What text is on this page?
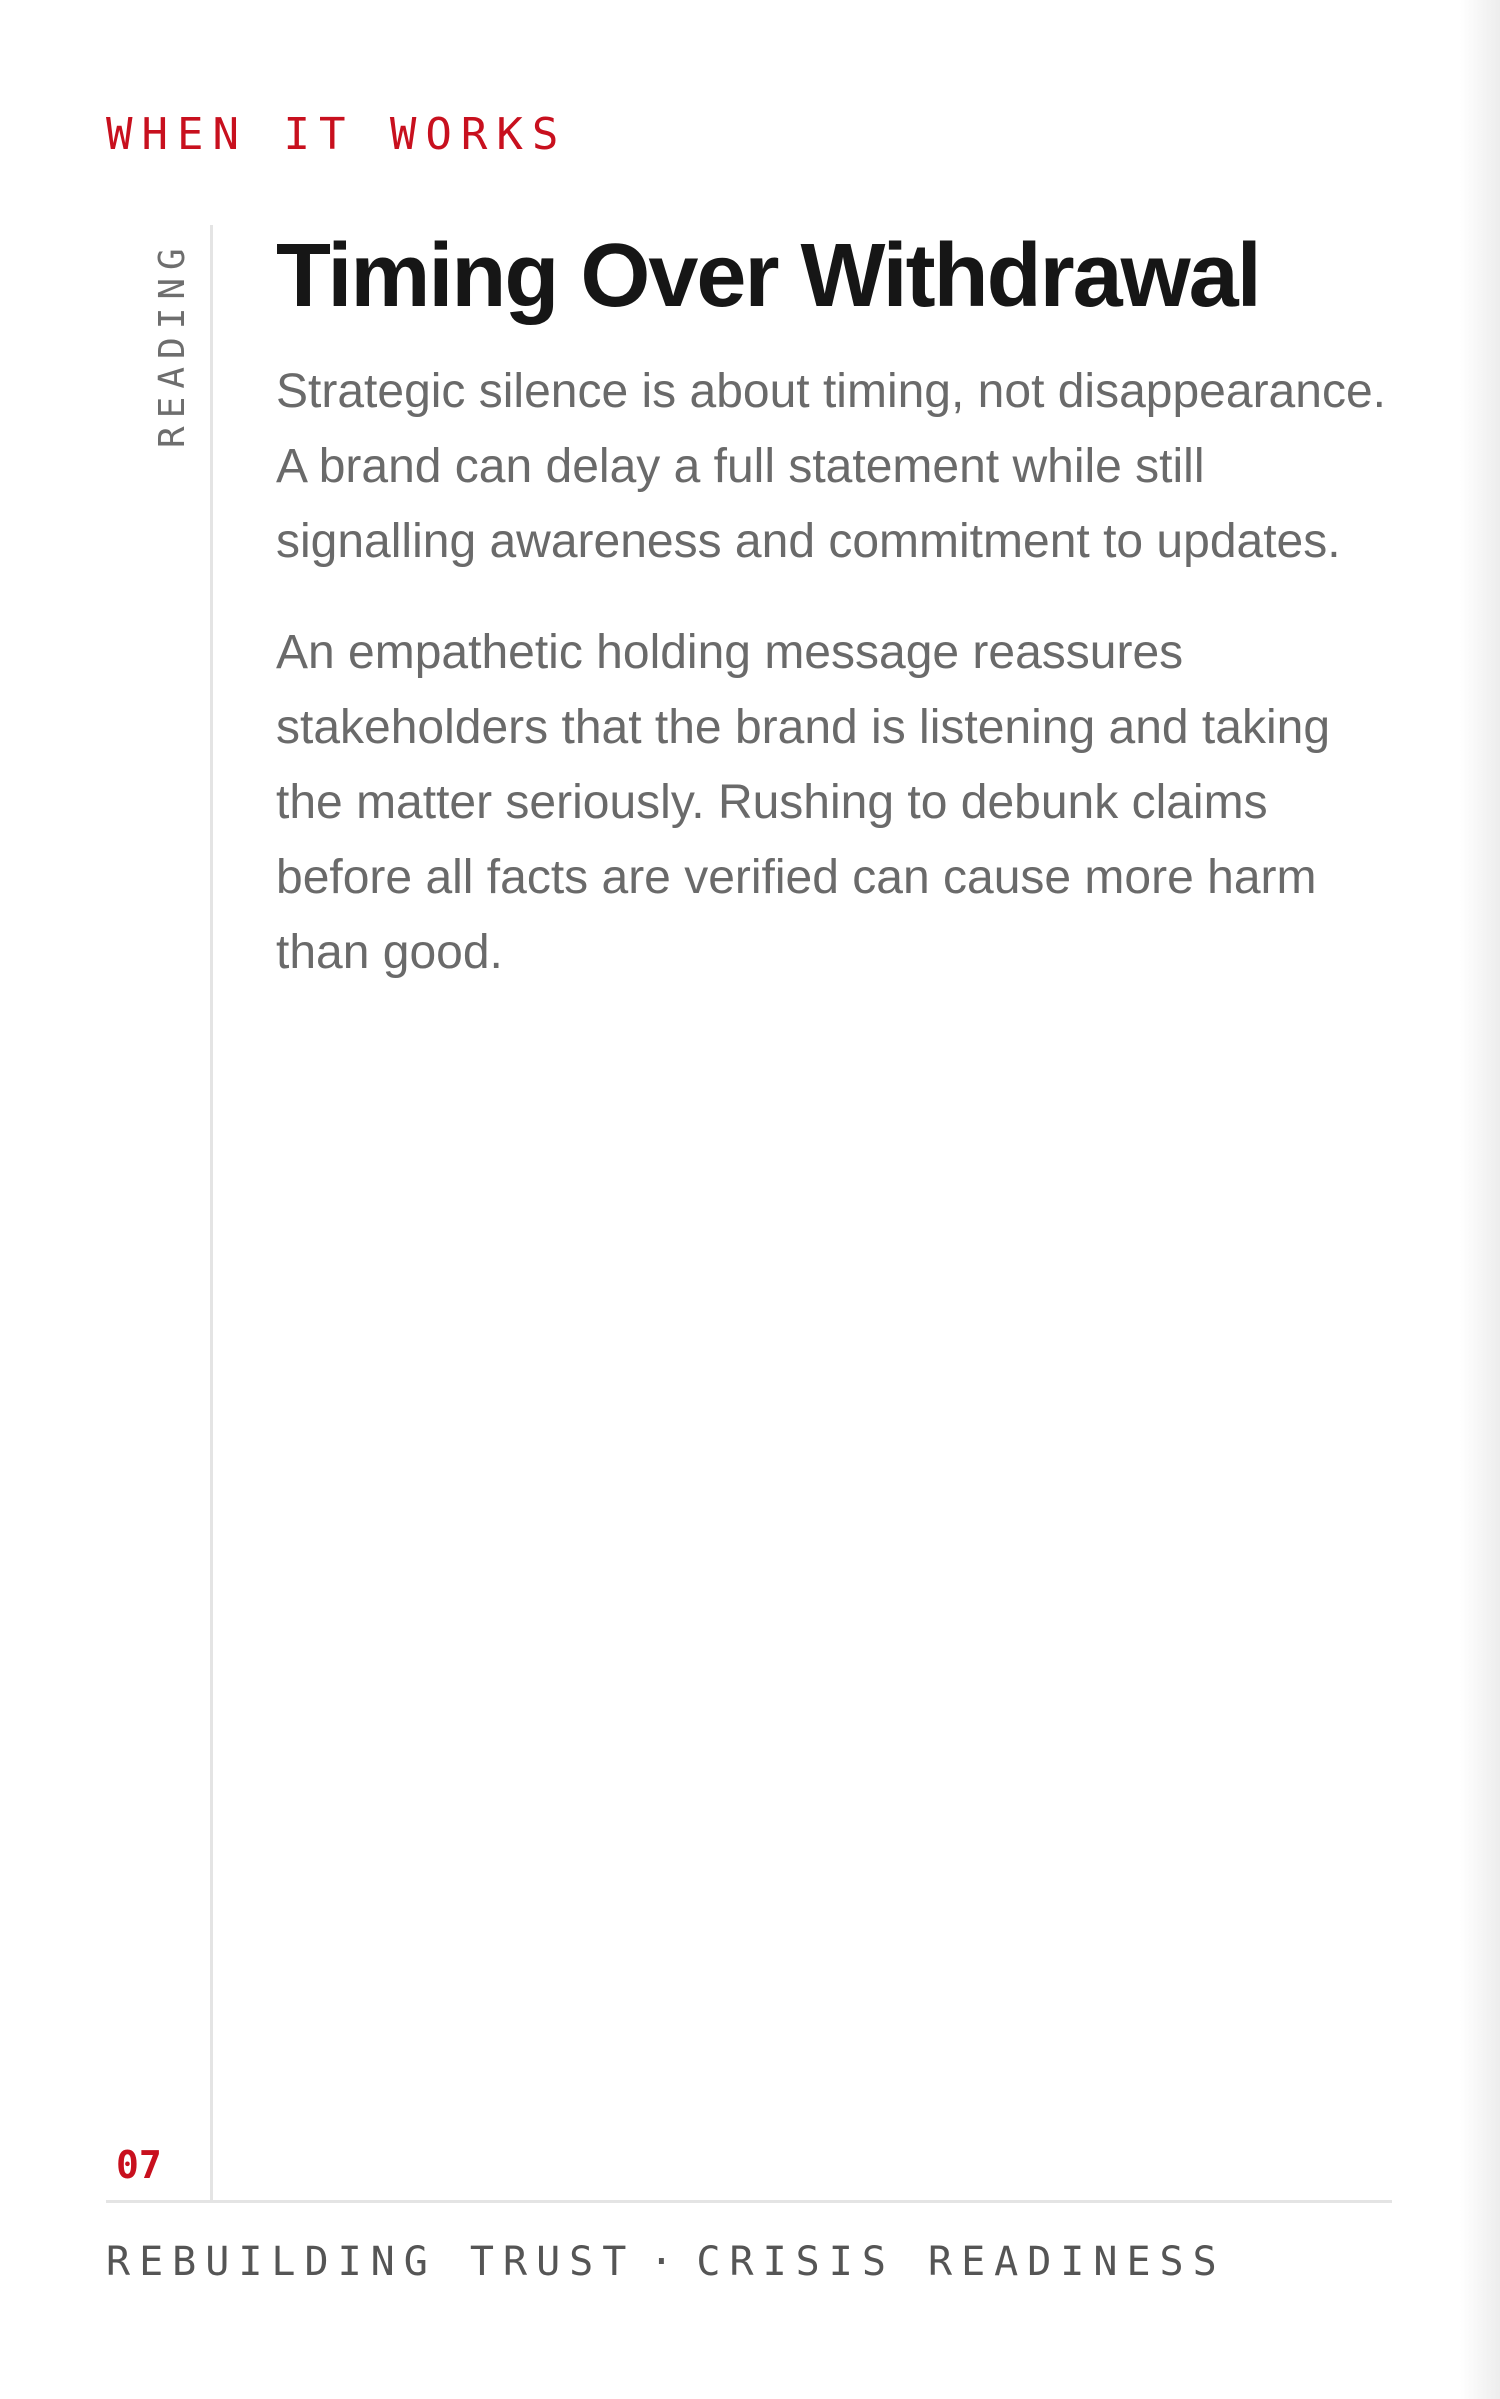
WHEN IT WORKS
READING
07
Timing Over Withdrawal

Strategic silence is about timing, not disappearance. A brand can delay a full statement while still signalling awareness and commitment to updates.

An empathetic holding message reassures stakeholders that the brand is listening and taking the matter seriously. Rushing to debunk claims before all facts are verified can cause more harm than good.

REBUILDING TRUST · CRISIS READINESS
